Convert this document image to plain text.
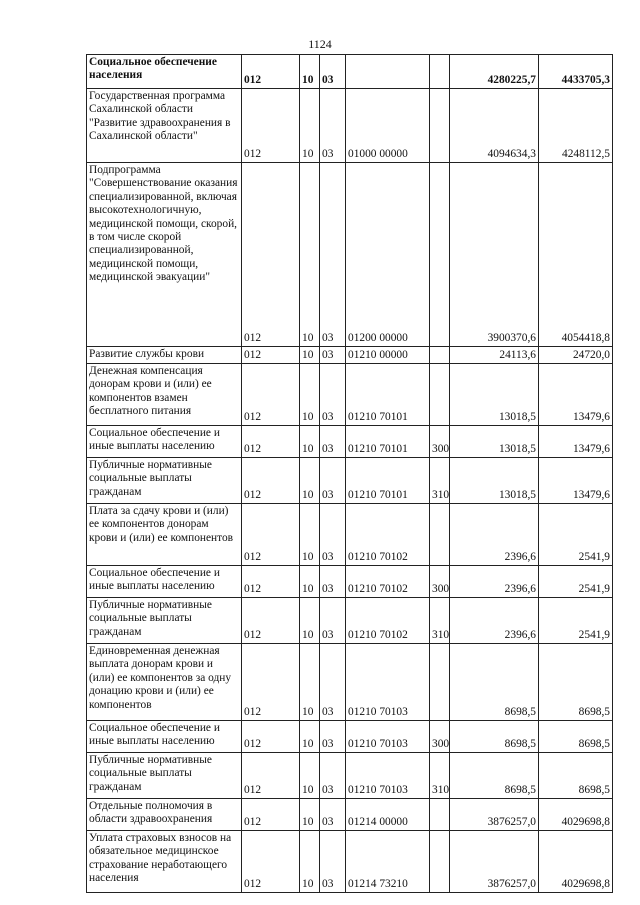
1124
Социальное обеспечение населения	012	10	03			4280225,7	4433705,3
Государственная программа Сахалинской области "Развитие здравоохранения в Сахалинской области"	012	10	03	01000 00000		4094634,3	4248112,5
Подпрограмма "Совершенствование оказания специализированной, включая высокотехнологичную, медицинской помощи, скорой, в том числе скорой специализированной, медицинской помощи, медицинской эвакуации"	012	10	03	01200 00000		3900370,6	4054418,8
Развитие службы крови	012	10	03	01210 00000		24113,6	24720,0
Денежная компенсация донорам крови и (или) ее компонентов взамен бесплатного питания	012	10	03	01210 70101		13018,5	13479,6
Социальное обеспечение и иные выплаты населению	012	10	03	01210 70101	300	13018,5	13479,6
Публичные нормативные социальные выплаты гражданам	012	10	03	01210 70101	310	13018,5	13479,6
Плата за сдачу крови и (или) ее компонентов донорам крови и (или) ее компонентов	012	10	03	01210 70102		2396,6	2541,9
Социальное обеспечение и иные выплаты населению	012	10	03	01210 70102	300	2396,6	2541,9
Публичные нормативные социальные выплаты гражданам	012	10	03	01210 70102	310	2396,6	2541,9
Единовременная денежная выплата донорам крови и (или) ее компонентов за одну донацию крови и (или) ее компонентов	012	10	03	01210 70103		8698,5	8698,5
Социальное обеспечение и иные выплаты населению	012	10	03	01210 70103	300	8698,5	8698,5
Публичные нормативные социальные выплаты гражданам	012	10	03	01210 70103	310	8698,5	8698,5
Отдельные полномочия в области здравоохранения	012	10	03	01214 00000		3876257,0	4029698,8
Уплата страховых взносов на обязательное медицинское страхование неработающего населения	012	10	03	01214 73210		3876257,0	4029698,8
